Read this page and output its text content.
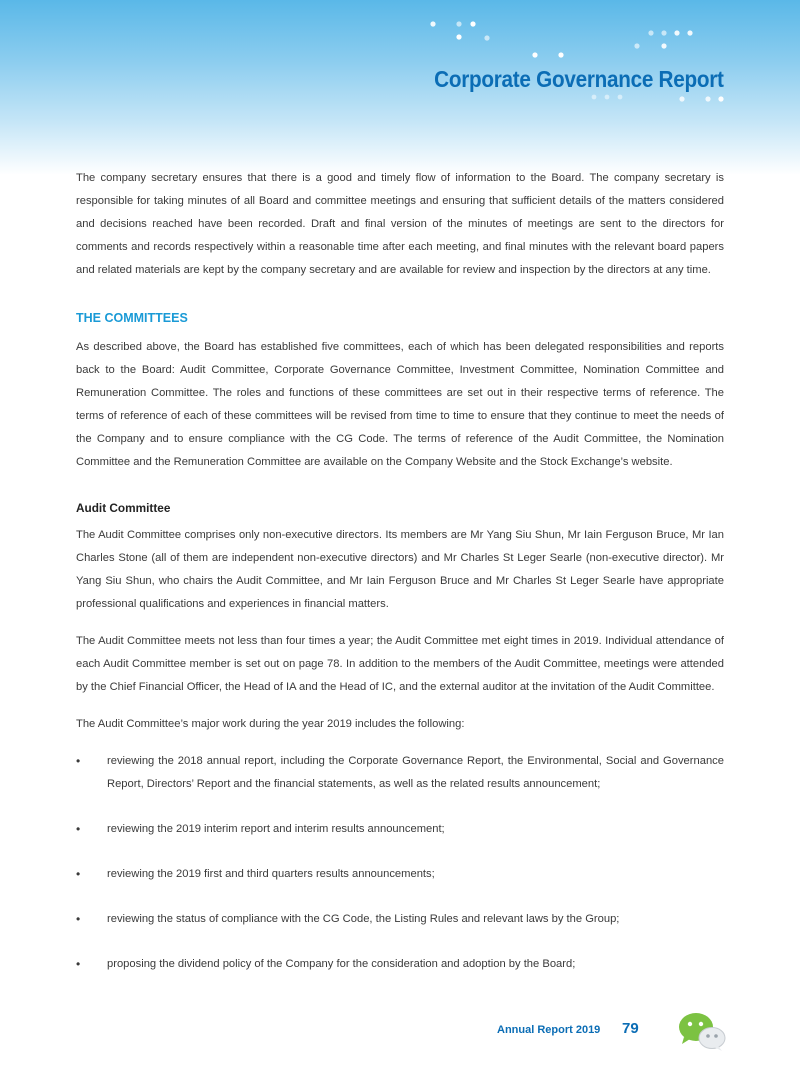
Corporate Governance Report

The company secretary ensures that there is a good and timely flow of information to the Board. The company secretary is responsible for taking minutes of all Board and committee meetings and ensuring that sufficient details of the matters considered and decisions reached have been recorded. Draft and final version of the minutes of meetings are sent to the directors for comments and records respectively within a reasonable time after each meeting, and final minutes with the relevant board papers and related materials are kept by the company secretary and are available for review and inspection by the directors at any time.

THE COMMITTEES

As described above, the Board has established five committees, each of which has been delegated responsibilities and reports back to the Board: Audit Committee, Corporate Governance Committee, Investment Committee, Nomination Committee and Remuneration Committee. The roles and functions of these committees are set out in their respective terms of reference. The terms of reference of each of these committees will be revised from time to time to ensure that they continue to meet the needs of the Company and to ensure compliance with the CG Code. The terms of reference of the Audit Committee, the Nomination Committee and the Remuneration Committee are available on the Company Website and the Stock Exchange’s website.

Audit Committee

The Audit Committee comprises only non-executive directors. Its members are Mr Yang Siu Shun, Mr Iain Ferguson Bruce, Mr Ian Charles Stone (all of them are independent non-executive directors) and Mr Charles St Leger Searle (non-executive director). Mr Yang Siu Shun, who chairs the Audit Committee, and Mr Iain Ferguson Bruce and Mr Charles St Leger Searle have appropriate professional qualifications and experiences in financial matters.

The Audit Committee meets not less than four times a year; the Audit Committee met eight times in 2019. Individual attendance of each Audit Committee member is set out on page 78. In addition to the members of the Audit Committee, meetings were attended by the Chief Financial Officer, the Head of IA and the Head of IC, and the external auditor at the invitation of the Audit Committee.

The Audit Committee’s major work during the year 2019 includes the following:

• reviewing the 2018 annual report, including the Corporate Governance Report, the Environmental, Social and Governance Report, Directors’ Report and the financial statements, as well as the related results announcement;
• reviewing the 2019 interim report and interim results announcement;
• reviewing the 2019 first and third quarters results announcements;
• reviewing the status of compliance with the CG Code, the Listing Rules and relevant laws by the Group;
• proposing the dividend policy of the Company for the consideration and adoption by the Board;
Annual Report 2019 79
